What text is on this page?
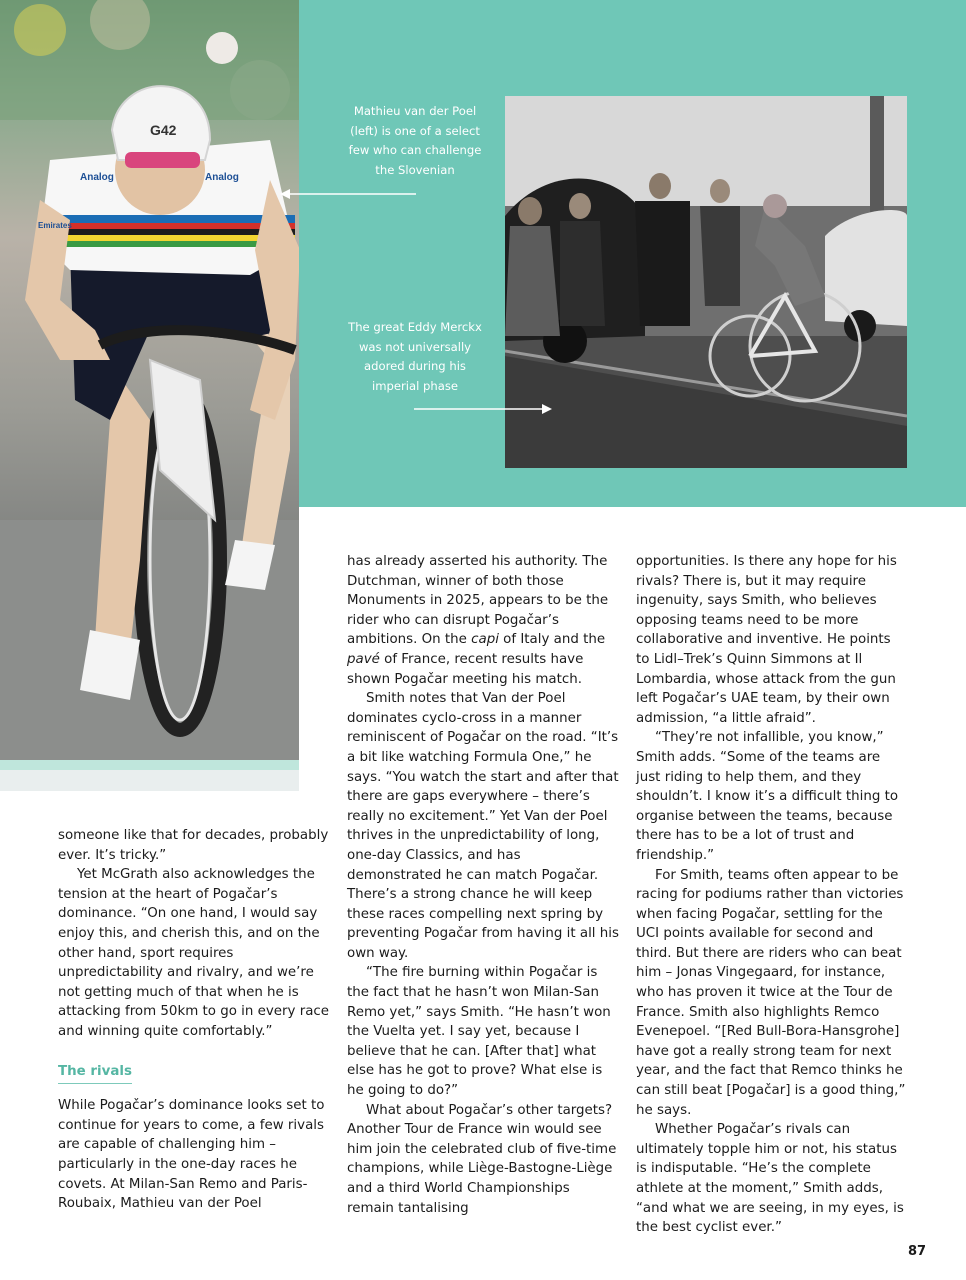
G42
Analog	Analog
Emirates
Mathieu van der Poel (left) is one of a select few who can challenge the Slovenian
The great Eddy Merckx was not universally adored during his imperial phase

someone like that for decades, probably ever. It’s tricky.”

Yet McGrath also acknowledges the tension at the heart of Pogačar’s dominance. “On one hand, I would say enjoy this, and cherish this, and on the other hand, sport requires unpredictability and rivalry, and we’re not getting much of that when he is attacking from 50km to go in every race and winning quite comfortably.”

The rivals

While Pogačar’s dominance looks set to continue for years to come, a few rivals are capable of challenging him – particularly in the one-day races he covets. At Milan-San Remo and Paris-Roubaix, Mathieu van der Poel

has already asserted his authority. The Dutchman, winner of both those Monuments in 2025, appears to be the rider who can disrupt Pogačar’s ambitions. On the capi of Italy and the pavé of France, recent results have shown Pogačar meeting his match.

Smith notes that Van der Poel dominates cyclo-cross in a manner reminiscent of Pogačar on the road. “It’s a bit like watching Formula One,” he says. “You watch the start and after that there are gaps everywhere – there’s really no excitement.” Yet Van der Poel thrives in the unpredictability of long, one-day Classics, and has demonstrated he can match Pogačar. There’s a strong chance he will keep these races compelling next spring by preventing Pogačar from having it all his own way.

“The fire burning within Pogačar is the fact that he hasn’t won Milan-San Remo yet,” says Smith. “He hasn’t won the Vuelta yet. I say yet, because I believe that he can. [After that] what else has he got to prove? What else is he going to do?”

What about Pogačar’s other targets? Another Tour de France win would see him join the celebrated club of five-time champions, while Liège-Bastogne-Liège and a third World Championships remain tantalising

opportunities. Is there any hope for his rivals? There is, but it may require ingenuity, says Smith, who believes opposing teams need to be more collaborative and inventive. He points to Lidl–Trek’s Quinn Simmons at Il Lombardia, whose attack from the gun left Pogačar’s UAE team, by their own admission, “a little afraid”.

“They’re not infallible, you know,” Smith adds. “Some of the teams are just riding to help them, and they shouldn’t. I know it’s a difficult thing to organise between the teams, because there has to be a lot of trust and friendship.”

For Smith, teams often appear to be racing for podiums rather than victories when facing Pogačar, settling for the UCI points available for second and third. But there are riders who can beat him – Jonas Vingegaard, for instance, who has proven it twice at the Tour de France. Smith also highlights Remco Evenepoel. “[Red Bull-Bora-Hansgrohe] have got a really strong team for next year, and the fact that Remco thinks he can still beat [Pogačar] is a good thing,” he says.

Whether Pogačar’s rivals can ultimately topple him or not, his status is indisputable. “He’s the complete athlete at the moment,” Smith adds, “and what we are seeing, in my eyes, is the best cyclist ever.”

87
